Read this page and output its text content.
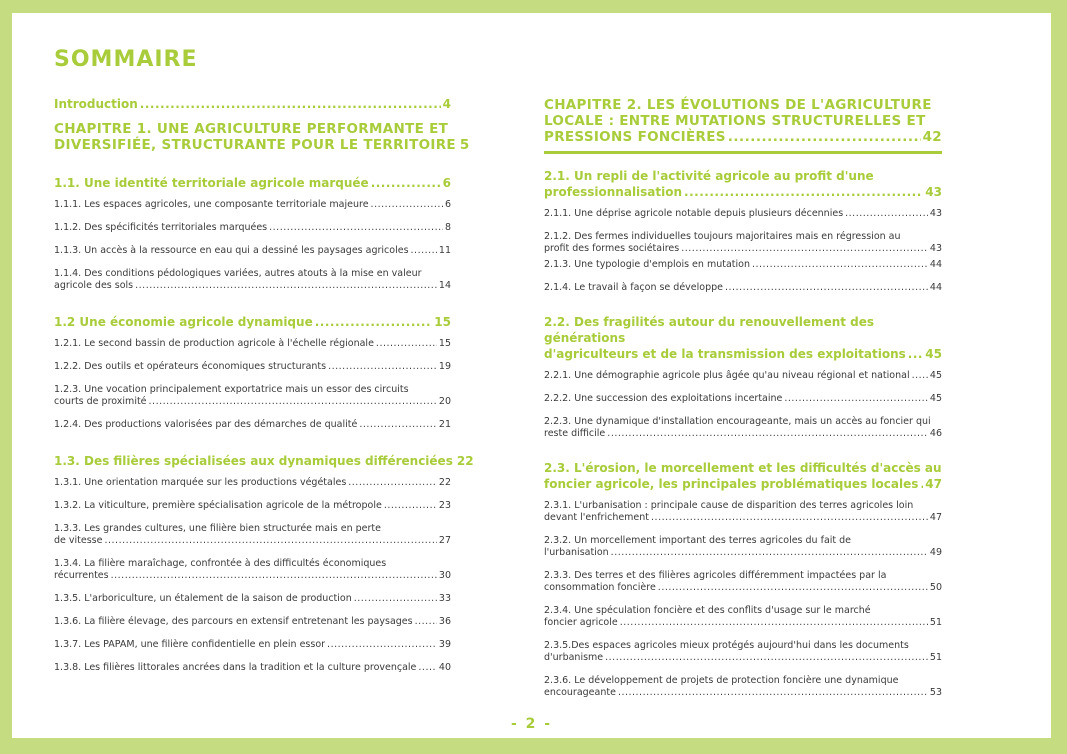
SOMMAIRE
Introduction .....	4
CHAPITRE 1. UNE AGRICULTURE PERFORMANTE ET
DIVERSIFIÉE, STRUCTURANTE POUR LE TERRITOIRE 5
1.1. Une identité territoriale agricole marquée .....	6
1.1.1. Les espaces agricoles, une composante territoriale majeure .....	6
1.1.2. Des spécificités territoriales marquées .....	8
1.1.3. Un accès à la ressource en eau qui a dessiné les paysages agricoles .....	11
1.1.4. Des conditions pédologiques variées, autres atouts à la mise en valeur
agricole des sols .....	14
1.2 Une économie agricole dynamique .....	15
1.2.1. Le second bassin de production agricole à l'échelle régionale .....	15
1.2.2. Des outils et opérateurs économiques structurants .....	19
1.2.3. Une vocation principalement exportatrice mais un essor des circuits
courts de proximité .....	20
1.2.4. Des productions valorisées par des démarches de qualité .....	21
1.3. Des filières spécialisées aux dynamiques différenciées 22
1.3.1. Une orientation marquée sur les productions végétales .....	22
1.3.2. La viticulture, première spécialisation agricole de la métropole .....	23
1.3.3. Les grandes cultures, une filière bien structurée mais en perte
de vitesse .....	27
1.3.4. La filière maraîchage, confrontée à des difficultés économiques
récurrentes .....	30
1.3.5. L'arboriculture, un étalement de la saison de production .....	33
1.3.6. La filière élevage, des parcours en extensif entretenant les paysages .....	36
1.3.7. Les PAPAM, une filière confidentielle en plein essor .....	39
1.3.8. Les filières littorales ancrées dans la tradition et la culture provençale ..... 40
CHAPITRE 2. LES ÉVOLUTIONS DE L'AGRICULTURE
LOCALE : ENTRE MUTATIONS STRUCTURELLES ET
PRESSIONS FONCIÈRES .....	42
2.1. Un repli de l'activité agricole au profit d'une
professionnalisation .....	43
2.1.1. Une déprise agricole notable depuis plusieurs décennies .....	43
2.1.2. Des fermes individuelles toujours majoritaires mais en régression au
profit des formes sociétaires .....	43
2.1.3. Une typologie d'emplois en mutation .....	44
2.1.4. Le travail à façon se développe .....	44
2.2. Des fragilités autour du renouvellement des générations
d'agriculteurs et de la transmission des exploitations ..... 45
2.2.1. Une démographie agricole plus âgée qu'au niveau régional et national ..... 45
2.2.2. Une succession des exploitations incertaine .....	45
2.2.3. Une dynamique d'installation encourageante, mais un accès au foncier qui
reste difficile .....	46
2.3. L'érosion, le morcellement et les difficultés d'accès au
foncier agricole, les principales problématiques locales ..... 47
2.3.1. L'urbanisation : principale cause de disparition des terres agricoles loin
devant l'enfrichement .....	47
2.3.2. Un morcellement important des terres agricoles du fait de
l'urbanisation .....	49
2.3.3. Des terres et des filières agricoles différemment impactées par la
consommation foncière .....	50
2.3.4. Une spéculation foncière et des conflits d'usage sur le marché
foncier agricole .....	51
2.3.5.Des espaces agricoles mieux protégés aujourd'hui dans les documents
d'urbanisme .....	51
2.3.6. Le développement de projets de protection foncière une dynamique
encourageante .....	53
- 2 -
